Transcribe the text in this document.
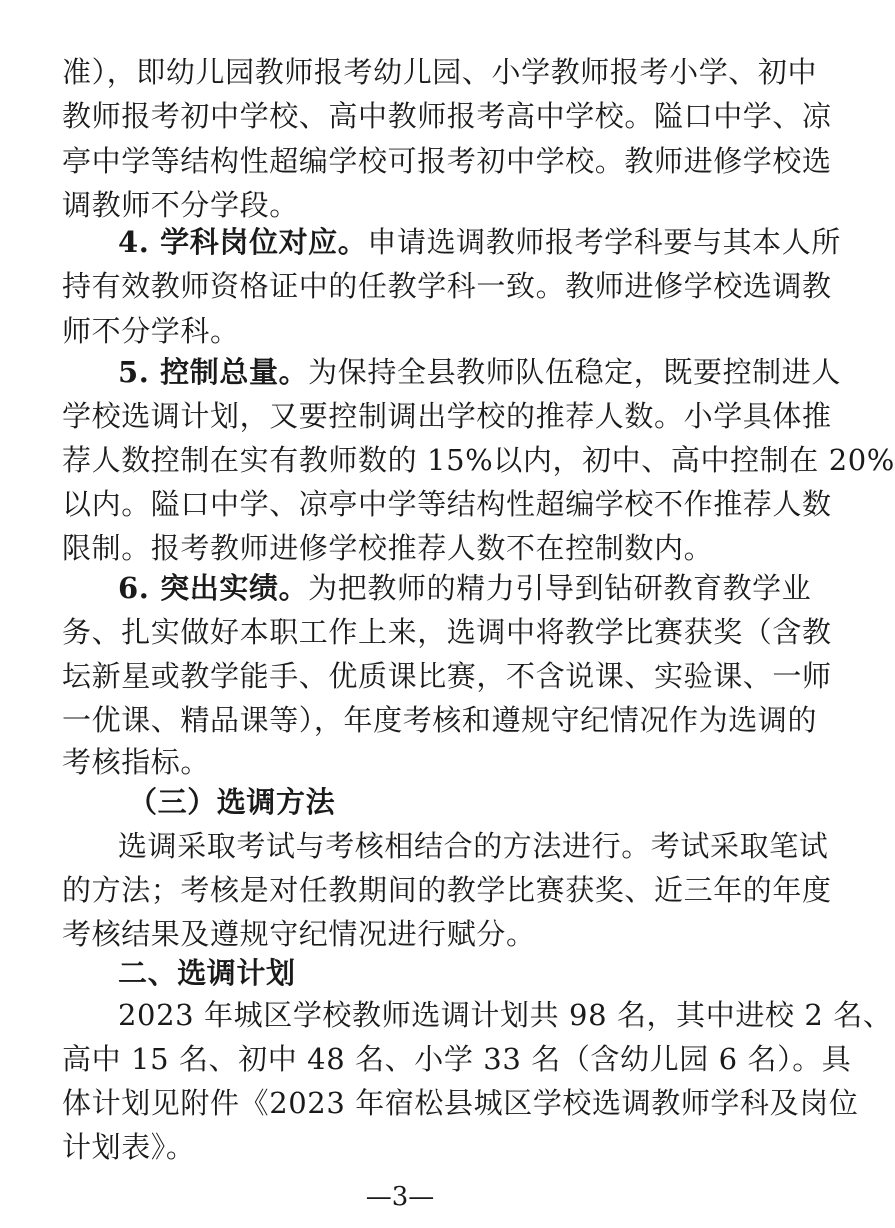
准），即幼儿园教师报考幼儿园、小学教师报考小学、初中
教师报考初中学校、高中教师报考高中学校。隘口中学、凉
亭中学等结构性超编学校可报考初中学校。教师进修学校选
调教师不分学段。
4. 学科岗位对应。申请选调教师报考学科要与其本人所
持有效教师资格证中的任教学科一致。教师进修学校选调教
师不分学科。
5. 控制总量。为保持全县教师队伍稳定，既要控制进人
学校选调计划，又要控制调出学校的推荐人数。小学具体推
荐人数控制在实有教师数的 15%以内，初中、高中控制在 20%
以内。隘口中学、凉亭中学等结构性超编学校不作推荐人数
限制。报考教师进修学校推荐人数不在控制数内。
6. 突出实绩。为把教师的精力引导到钻研教育教学业
务、扎实做好本职工作上来，选调中将教学比赛获奖（含教
坛新星或教学能手、优质课比赛，不含说课、实验课、一师
一优课、精品课等），年度考核和遵规守纪情况作为选调的
考核指标。
（三）选调方法
选调采取考试与考核相结合的方法进行。考试采取笔试
的方法；考核是对任教期间的教学比赛获奖、近三年的年度
考核结果及遵规守纪情况进行赋分。
二、选调计划
2023 年城区学校教师选调计划共 98 名，其中进校 2 名、
高中 15 名、初中 48 名、小学 33 名（含幼儿园 6 名）。具
体计划见附件《2023 年宿松县城区学校选调教师学科及岗位
计划表》。
—3—
